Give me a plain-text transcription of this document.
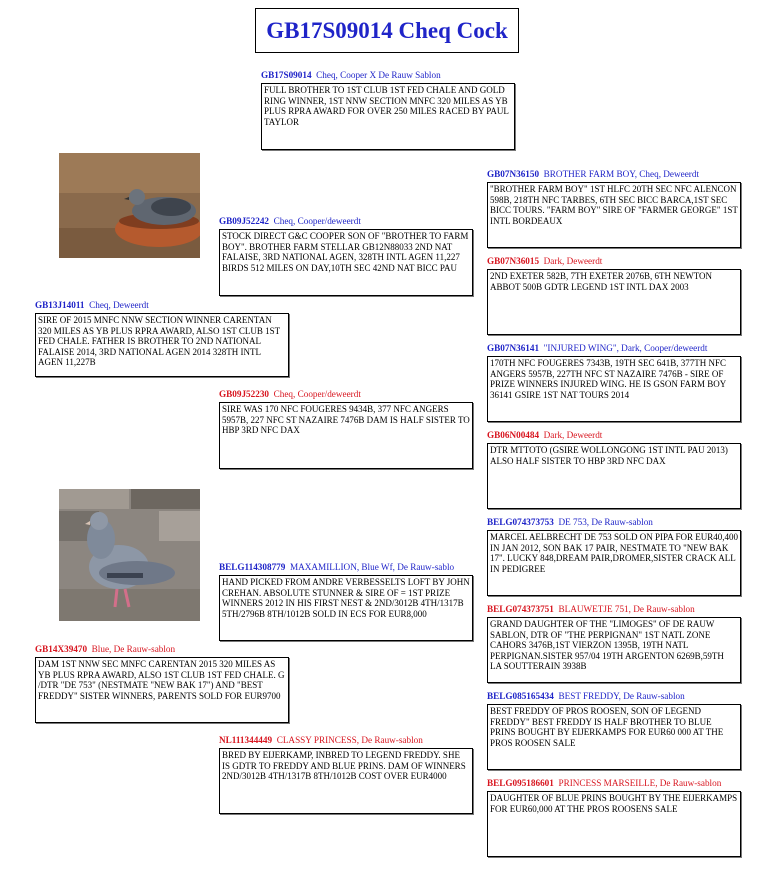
GB17S09014 Cheq Cock
GB17S09014 Cheq, Cooper X De Rauw Sablon
FULL BROTHER TO 1ST CLUB 1ST FED CHALE AND GOLD RING WINNER, 1ST NNW SECTION MNFC 320 MILES AS YB PLUS RPRA AWARD FOR OVER 250 MILES RACED BY PAUL TAYLOR
GB13J14011 Cheq, Deweerdt
SIRE OF 2015 MNFC NNW SECTION WINNER CARENTAN 320 MILES AS YB PLUS RPRA AWARD, ALSO 1ST CLUB 1ST FED CHALE. FATHER IS BROTHER TO 2ND NATIONAL FALAISE 2014, 3RD NATIONAL AGEN 2014 328TH INTL AGEN 11,227B
GB09J52242 Cheq, Cooper/deweerdt
STOCK DIRECT G&C COOPER SON OF "BROTHER TO FARM BOY". BROTHER FARM STELLAR GB12N88033 2ND NAT FALAISE, 3RD NATIONAL AGEN, 328TH INTL AGEN 11,227 BIRDS 512 MILES ON DAY,10TH SEC 42ND NAT BICC PAU
GB09J52230 Cheq, Cooper/deweerdt
SIRE WAS 170 NFC FOUGERES 9434B, 377 NFC ANGERS 5957B, 227 NFC ST NAZAIRE 7476B DAM IS HALF SISTER TO HBP 3RD NFC DAX
GB07N36150 BROTHER FARM BOY, Cheq, Deweerdt
"BROTHER FARM BOY" 1ST HLFC 20TH SEC NFC ALENCON 598B, 218TH NFC TARBES, 6TH SEC BICC BARCA,1ST SEC BICC TOURS. "FARM BOY" SIRE OF "FARMER GEORGE" 1ST INTL BORDEAUX
GB07N36015 Dark, Deweerdt
2ND EXETER 582B, 7TH EXETER 2076B, 6TH NEWTON ABBOT 500B GDTR LEGEND 1ST INTL DAX 2003
GB07N36141 "INJURED WING", Dark, Cooper/deweerdt
170TH NFC FOUGERES 7343B, 19TH SEC 641B, 377TH NFC ANGERS 5957B, 227TH NFC ST NAZAIRE 7476B - SIRE OF PRIZE WINNERS INJURED WING. HE IS GSON FARM BOY 36141 GSIRE 1ST NAT TOURS 2014
GB06N00484 Dark, Deweerdt
DTR MTTOTO (GSIRE WOLLONGONG 1ST INTL PAU 2013) ALSO HALF SISTER TO HBP 3RD NFC DAX
GB14X39470 Blue, De Rauw-sablon
DAM 1ST NNW SEC MNFC CARENTAN 2015 320 MILES AS YB PLUS RPRA AWARD, ALSO 1ST CLUB 1ST FED CHALE. G /DTR "DE 753" (NESTMATE "NEW BAK 17") AND "BEST FREDDY" SISTER WINNERS, PARENTS SOLD FOR EUR9700
BELG114308779 MAXAMILLION, Blue Wf, De Rauw-sablo
HAND PICKED FROM ANDRE VERBESSELTS LOFT BY JOHN CREHAN. ABSOLUTE STUNNER & SIRE OF = 1ST PRIZE WINNERS 2012 IN HIS FIRST NEST & 2ND/3012B 4TH/1317B 5TH/2796B 8TH/1012B SOLD IN ECS FOR EUR8,000
NL111344449 CLASSY PRINCESS, De Rauw-sablon
BRED BY EIJERKAMP, INBRED TO LEGEND FREDDY. SHE IS GDTR TO FREDDY AND BLUE PRINS. DAM OF WINNERS 2ND/3012B 4TH/1317B 8TH/1012B COST OVER EUR4000
BELG074373753 DE 753, De Rauw-sablon
MARCEL AELBRECHT DE 753 SOLD ON PIPA FOR EUR40,400 IN JAN 2012, SON BAK 17 PAIR, NESTMATE TO "NEW BAK 17". LUCKY 848,DREAM PAIR,DROMER,SISTER CRACK ALL IN PEDIGREE
BELG074373751 BLAUWETJE 751, De Rauw-sablon
GRAND DAUGHTER OF THE "LIMOGES" OF DE RAUW SABLON, DTR OF "THE PERPIGNAN" 1ST NATL ZONE CAHORS 3476B,1ST VIERZON 1395B, 19TH NATL PERPIGNAN.SISTER 957/04 19TH ARGENTON 6269B,59TH LA SOUTTERAIN 3938B
BELG085165434 BEST FREDDY, De Rauw-sablon
BEST FREDDY OF PROS ROOSEN, SON OF LEGEND FREDDY" BEST FREDDY IS HALF BROTHER TO BLUE PRINS BOUGHT BY EIJERKAMPS FOR EUR60 000 AT THE PROS ROOSEN SALE
BELG095186601 PRINCESS MARSEILLE, De Rauw-sablon
DAUGHTER OF BLUE PRINS BOUGHT BY THE EIJERKAMPS FOR EUR60,000 AT THE PROS ROOSENS SALE
